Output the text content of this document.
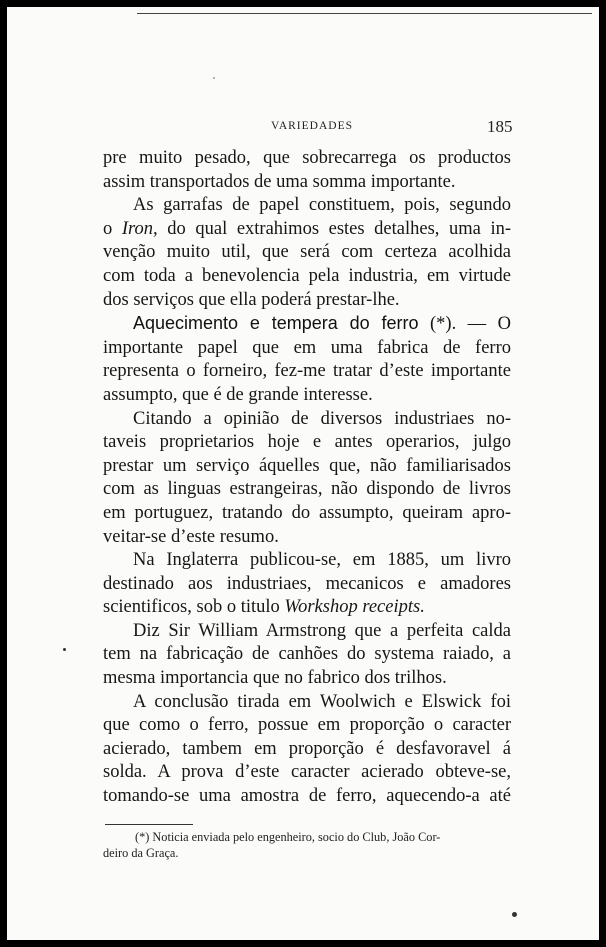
VARIEDADES	185

pre muito pesado, que sobrecarrega os productos

assim transportados de uma somma importante.

As garrafas de papel constituem, pois, segundo

o Iron, do qual extrahimos estes detalhes, uma in-

venção muito util, que será com certeza acolhida

com toda a benevolencia pela industria, em virtude

dos serviços que ella poderá prestar-lhe.

Aquecimento e tempera do ferro (*). — O

importante papel que em uma fabrica de ferro

representa o forneiro, fez-me tratar d’este importante

assumpto, que é de grande interesse.

Citando a opinião de diversos industriaes no-

taveis proprietarios hoje e antes operarios, julgo

prestar um serviço áquelles que, não familiarisados

com as linguas estrangeiras, não dispondo de livros

em portuguez, tratando do assumpto, queiram apro-

veitar-se d’este resumo.

Na Inglaterra publicou-se, em 1885, um livro

destinado aos industriaes, mecanicos e amadores

scientificos, sob o titulo Workshop receipts.

Diz Sir William Armstrong que a perfeita calda

tem na fabricação de canhões do systema raiado, a

mesma importancia que no fabrico dos trilhos.

A conclusão tirada em Woolwich e Elswick foi

que como o ferro, possue em proporção o caracter

acierado, tambem em proporção é desfavoravel á

solda. A prova d’este caracter acierado obteve-se,

tomando-se uma amostra de ferro, aquecendo-a até

(*) Noticia enviada pelo engenheiro, socio do Club, João Cor-

deiro da Graça.
